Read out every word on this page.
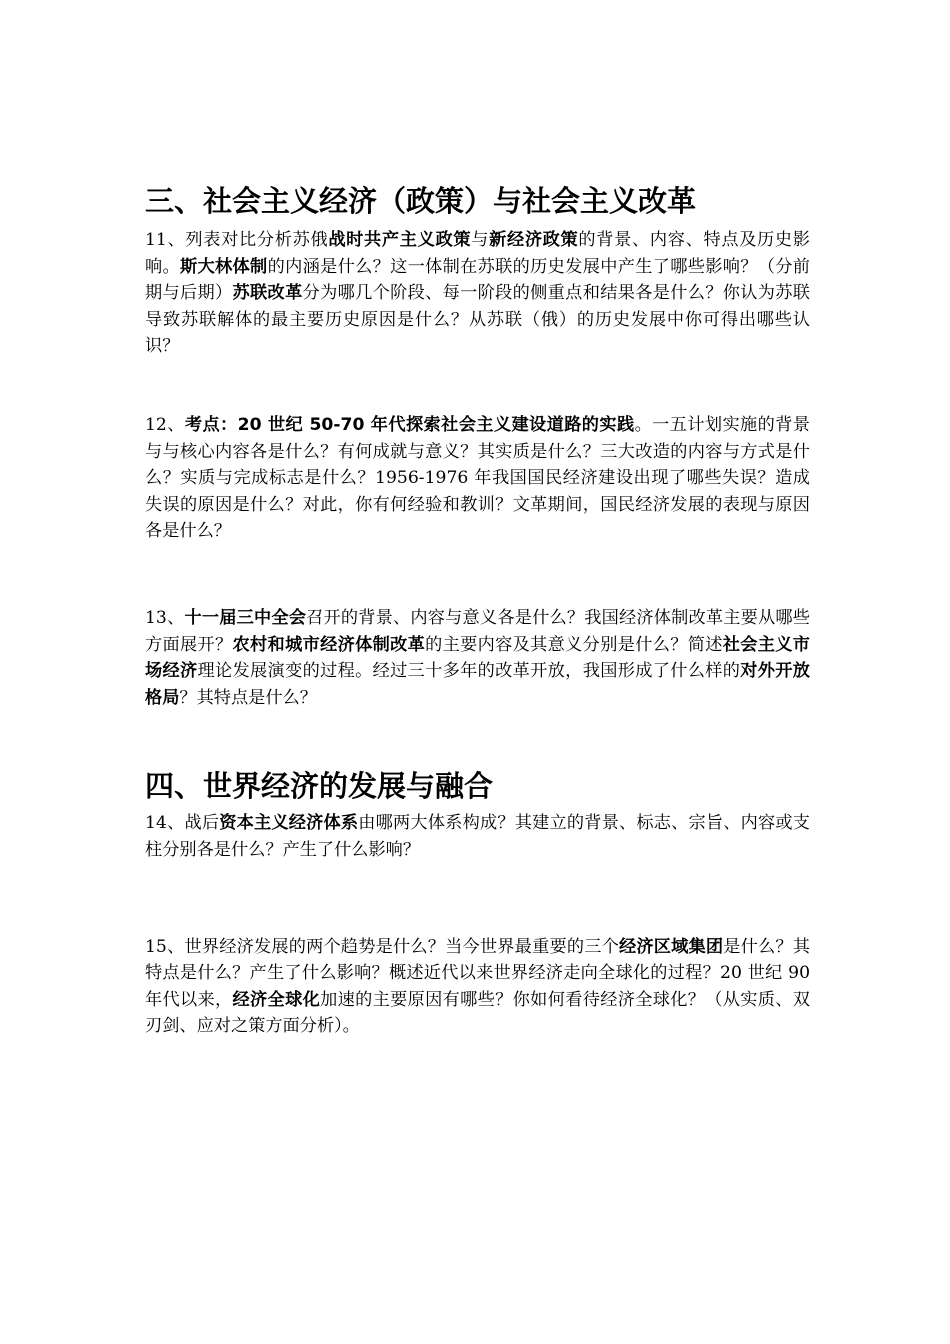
三、社会主义经济（政策）与社会主义改革

11、列表对比分析苏俄战时共产主义政策与新经济政策的背景、内容、特点及历史影响。斯大林体制的内涵是什么？这一体制在苏联的历史发展中产生了哪些影响？（分前期与后期）苏联改革分为哪几个阶段、每一阶段的侧重点和结果各是什么？你认为苏联导致苏联解体的最主要历史原因是什么？从苏联（俄）的历史发展中你可得出哪些认识？

12、考点：20 世纪 50-70 年代探索社会主义建设道路的实践。一五计划实施的背景与与核心内容各是什么？有何成就与意义？其实质是什么？三大改造的内容与方式是什么？实质与完成标志是什么？1956-1976 年我国国民经济建设出现了哪些失误？造成失误的原因是什么？对此，你有何经验和教训？文革期间，国民经济发展的表现与原因各是什么？

13、十一届三中全会召开的背景、内容与意义各是什么？我国经济体制改革主要从哪些方面展开？农村和城市经济体制改革的主要内容及其意义分别是什么？简述社会主义市场经济理论发展演变的过程。经过三十多年的改革开放，我国形成了什么样的对外开放格局？其特点是什么？

四、世界经济的发展与融合

14、战后资本主义经济体系由哪两大体系构成？其建立的背景、标志、宗旨、内容或支柱分别各是什么？产生了什么影响？

15、世界经济发展的两个趋势是什么？当今世界最重要的三个经济区域集团是什么？其特点是什么？产生了什么影响？概述近代以来世界经济走向全球化的过程？20 世纪 90 年代以来，经济全球化加速的主要原因有哪些？你如何看待经济全球化？（从实质、双刃剑、应对之策方面分析）。
